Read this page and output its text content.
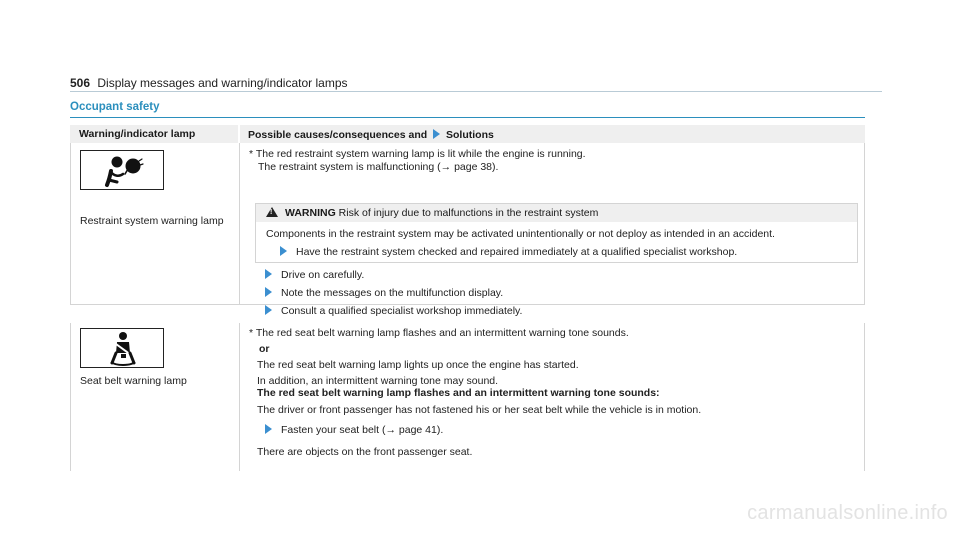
506 Display messages and warning/indicator lamps
Occupant safety
Warning/indicator lamp	Possible causes/consequences and Solutions
Restraint system warning lamp
* The red restraint system warning lamp is lit while the engine is running.
The restraint system is malfunctioning (→ page 38).
!WARNING Risk of injury due to malfunctions in the restraint system
Components in the restraint system may be activated unintentionally or not deploy as intended in an accident.
Have the restraint system checked and repaired immediately at a qualified specialist workshop.
Drive on carefully.
Note the messages on the multifunction display.
Consult a qualified specialist workshop immediately.
Seat belt warning lamp
* The red seat belt warning lamp flashes and an intermittent warning tone sounds.
or
The red seat belt warning lamp lights up once the engine has started.
In addition, an intermittent warning tone may sound.
The red seat belt warning lamp flashes and an intermittent warning tone sounds:
The driver or front passenger has not fastened his or her seat belt while the vehicle is in motion.
Fasten your seat belt (→ page 41).
There are objects on the front passenger seat.
carmanualsonline.info
